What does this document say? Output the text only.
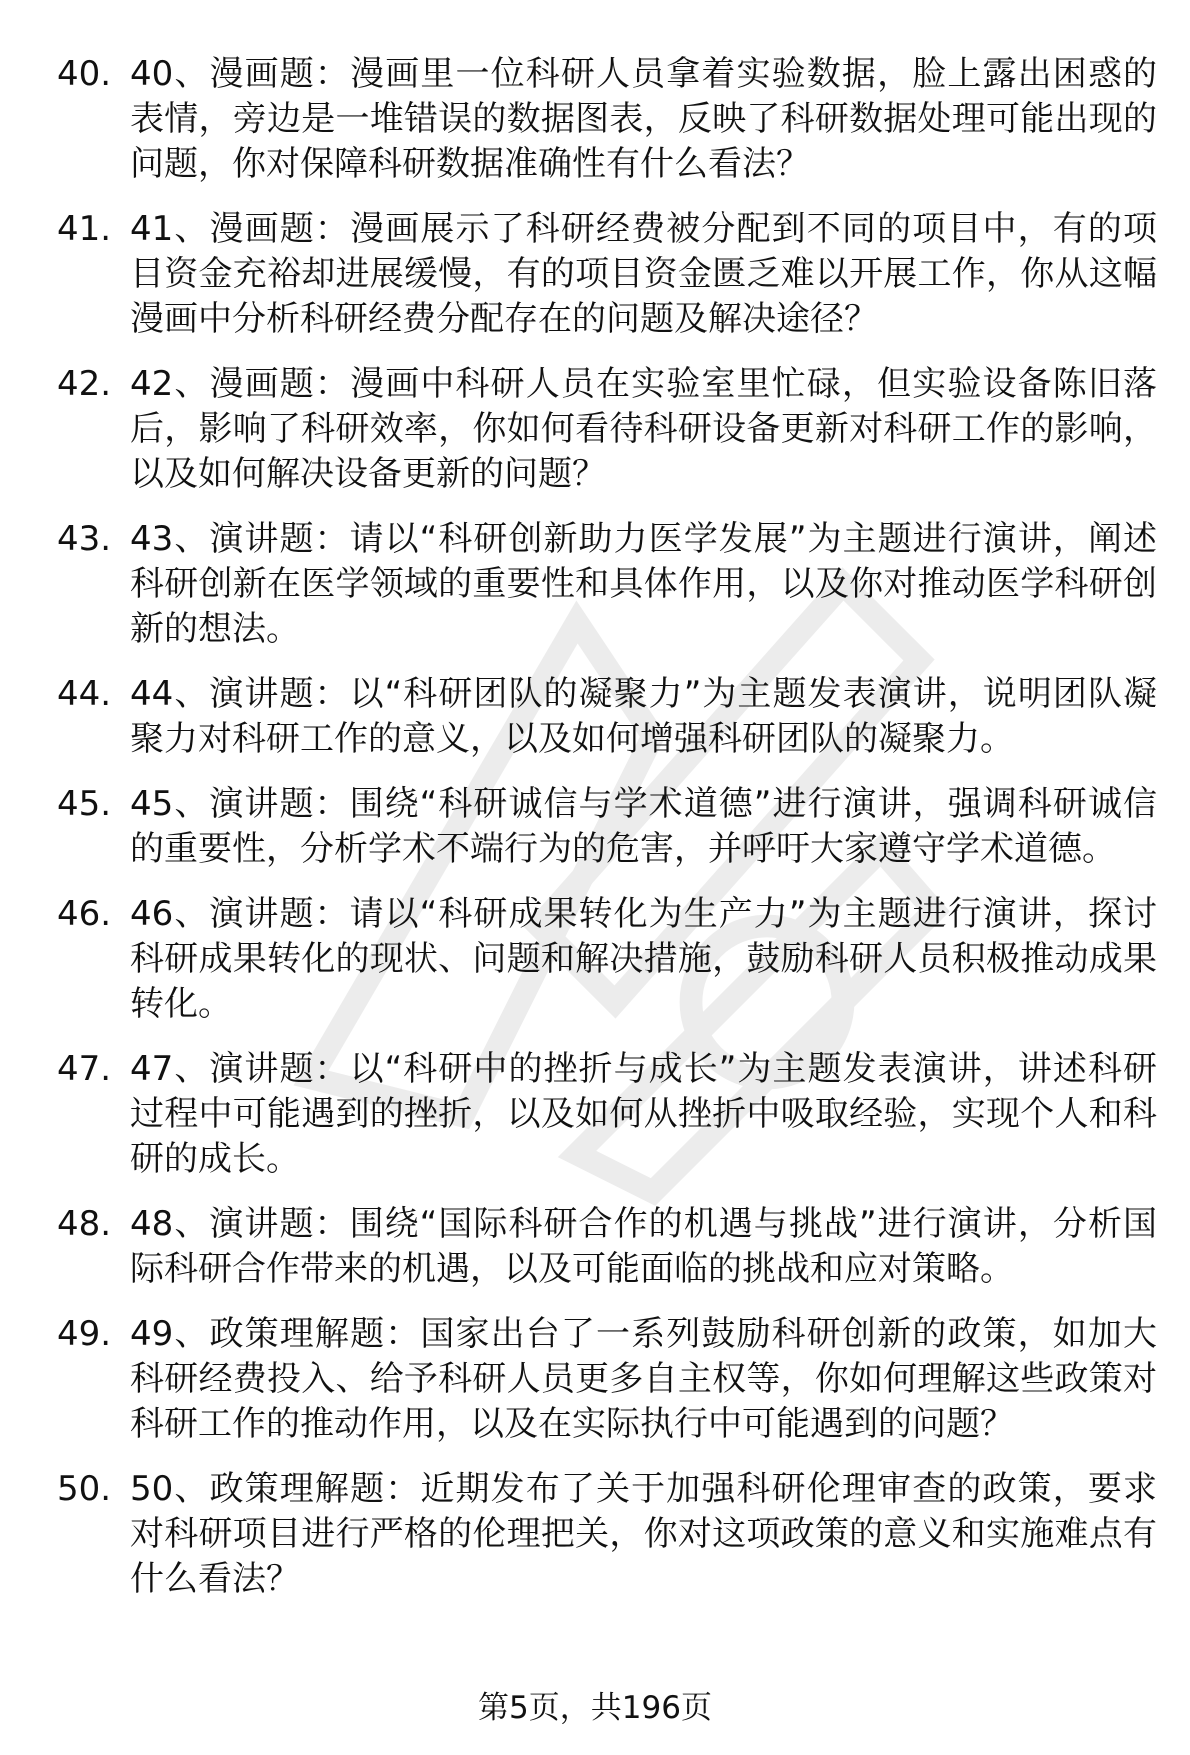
40. 40、漫画题：漫画里一位科研人员拿着实验数据，脸上露出困惑的表情，旁边是一堆错误的数据图表，反映了科研数据处理可能出现的问题，你对保障科研数据准确性有什么看法？
41. 41、漫画题：漫画展示了科研经费被分配到不同的项目中，有的项目资金充裕却进展缓慢，有的项目资金匮乏难以开展工作，你从这幅漫画中分析科研经费分配存在的问题及解决途径？
42. 42、漫画题：漫画中科研人员在实验室里忙碌，但实验设备陈旧落后，影响了科研效率，你如何看待科研设备更新对科研工作的影响，以及如何解决设备更新的问题？
43. 43、演讲题：请以“科研创新助力医学发展”为主题进行演讲，阐述科研创新在医学领域的重要性和具体作用，以及你对推动医学科研创新的想法。
44. 44、演讲题：以“科研团队的凝聚力”为主题发表演讲，说明团队凝聚力对科研工作的意义，以及如何增强科研团队的凝聚力。
45. 45、演讲题：围绕“科研诚信与学术道德”进行演讲，强调科研诚信的重要性，分析学术不端行为的危害，并呼吁大家遵守学术道德。
46. 46、演讲题：请以“科研成果转化为生产力”为主题进行演讲，探讨科研成果转化的现状、问题和解决措施，鼓励科研人员积极推动成果转化。
47. 47、演讲题：以“科研中的挫折与成长”为主题发表演讲，讲述科研过程中可能遇到的挫折，以及如何从挫折中吸取经验，实现个人和科研的成长。
48. 48、演讲题：围绕“国际科研合作的机遇与挑战”进行演讲，分析国际科研合作带来的机遇，以及可能面临的挑战和应对策略。
49. 49、政策理解题：国家出台了一系列鼓励科研创新的政策，如加大科研经费投入、给予科研人员更多自主权等，你如何理解这些政策对科研工作的推动作用，以及在实际执行中可能遇到的问题？
50. 50、政策理解题：近期发布了关于加强科研伦理审查的政策，要求对科研项目进行严格的伦理把关，你对这项政策的意义和实施难点有什么看法？
第5页，共196页
